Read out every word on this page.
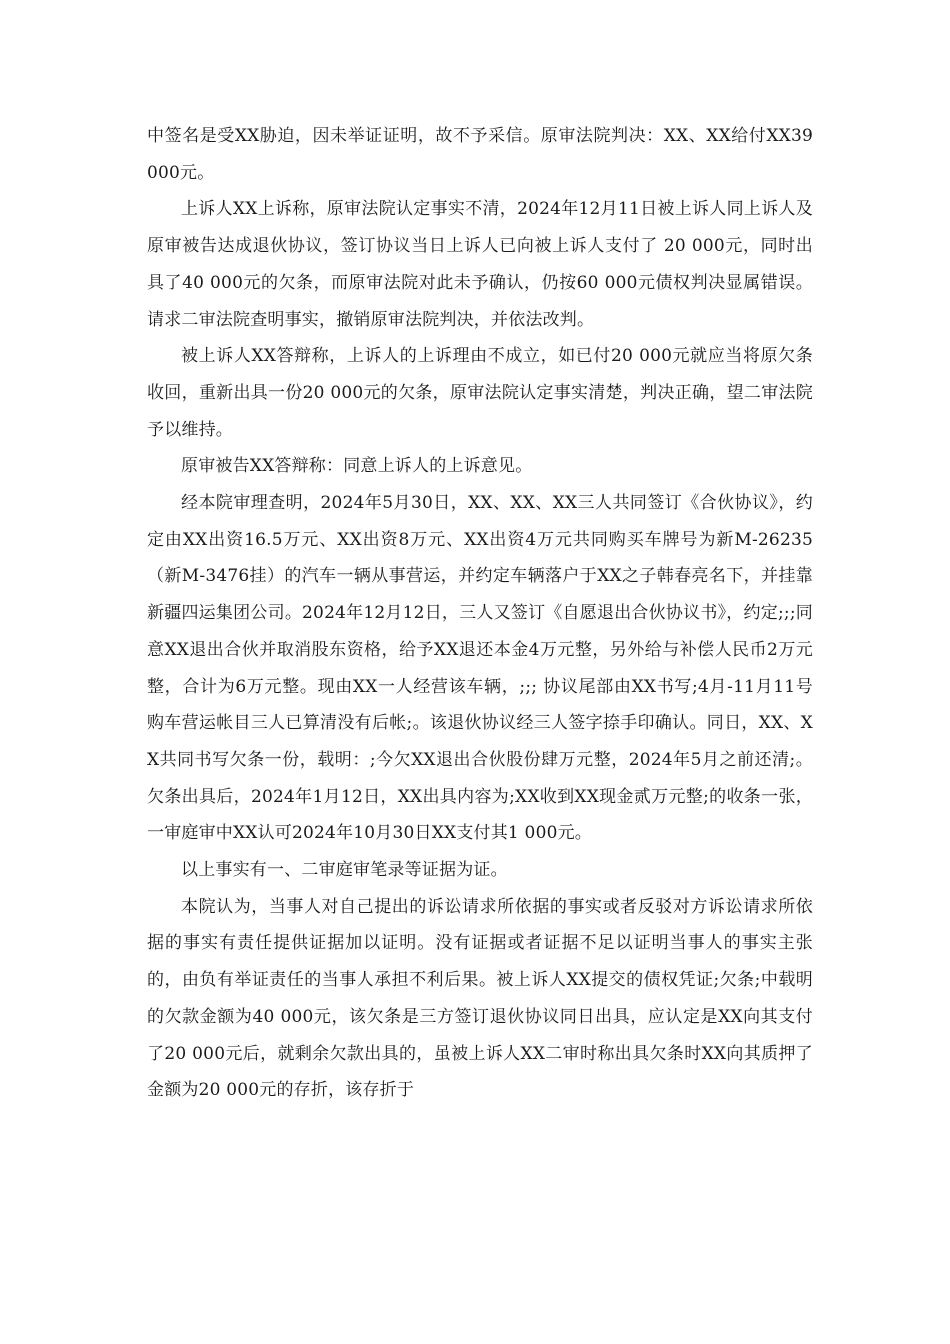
中签名是受XX胁迫，因未举证证明，故不予采信。原审法院判决：XX、XX给付XX39 000元。

上诉人XX上诉称，原审法院认定事实不清，2024年12月11日被上诉人同上诉人及原审被告达成退伙协议，签订协议当日上诉人已向被上诉人支付了 20 000元，同时出具了40 000元的欠条，而原审法院对此未予确认，仍按60 000元债权判决显属错误。请求二审法院查明事实，撤销原审法院判决，并依法改判。

被上诉人XX答辩称，上诉人的上诉理由不成立，如已付20 000元就应当将原欠条收回，重新出具一份20 000元的欠条，原审法院认定事实清楚，判决正确，望二审法院予以维持。

原审被告XX答辩称：同意上诉人的上诉意见。

经本院审理查明，2024年5月30日，XX、XX、XX三人共同签订《合伙协议》，约定由XX出资16.5万元、XX出资8万元、XX出资4万元共同购买车牌号为新M-26235（新M-3476挂）的汽车一辆从事营运，并约定车辆落户于XX之子韩春亮名下，并挂靠新疆四运集团公司。2024年12月12日，三人又签订《自愿退出合伙协议书》，约定;;;同意XX退出合伙并取消股东资格，给予XX退还本金4万元整，另外给与补偿人民币2万元整，合计为6万元整。现由XX一人经营该车辆，;;; 协议尾部由XX书写;4月-11月11号购车营运帐目三人已算清没有后帐;。该退伙协议经三人签字捺手印确认。同日，XX、XX共同书写欠条一份，载明：;今欠XX退出合伙股份肆万元整，2024年5月之前还清;。欠条出具后，2024年1月12日，XX出具内容为;XX收到XX现金贰万元整;的收条一张，一审庭审中XX认可2024年10月30日XX支付其1 000元。

以上事实有一、二审庭审笔录等证据为证。

本院认为，当事人对自己提出的诉讼请求所依据的事实或者反驳对方诉讼请求所依据的事实有责任提供证据加以证明。没有证据或者证据不足以证明当事人的事实主张的，由负有举证责任的当事人承担不利后果。被上诉人XX提交的债权凭证;欠条;中载明的欠款金额为40 000元，该欠条是三方签订退伙协议同日出具，应认定是XX向其支付了20 000元后，就剩余欠款出具的，虽被上诉人XX二审时称出具欠条时XX向其质押了金额为20 000元的存折，该存折于
